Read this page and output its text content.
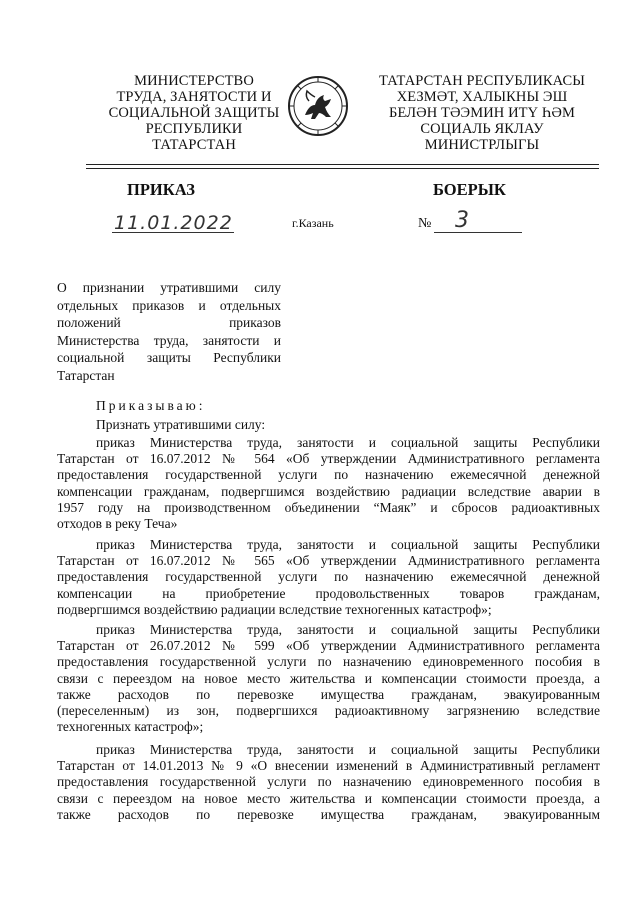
МИНИСТЕРСТВО
ТРУДА, ЗАНЯТОСТИ И
СОЦИАЛЬНОЙ ЗАЩИТЫ
РЕСПУБЛИКИ
ТАТАРСТАН
ТАТАРСТАН РЕСПУБЛИКАСЫ
ХЕЗМӘТ, ХАЛЫКНЫ ЭШ
БЕЛӘН ТӘЭМИН ИТҮ ҺӘМ
СОЦИАЛЬ ЯКЛАУ
МИНИСТРЛЫГЫ
ПРИКАЗ	БОЕРЫК
11.01.2022	г.Казань	№ 3
О признании утратившими силу
отдельных приказов и отдельных
положений приказов
Министерства труда, занятости и
социальной защиты Республики
Татарстан
Приказываю:
Признать утратившими силу:
приказ Министерства труда, занятости и социальной защиты Республики
Татарстан от 16.07.2012 № 564 «Об утверждении Административного регламента
предоставления государственной услуги по назначению ежемесячной денежной
компенсации гражданам, подвергшимся воздействию радиации вследствие аварии в
1957 году на производственном объединении “Маяк” и сбросов радиоактивных
отходов в реку Теча»
приказ Министерства труда, занятости и социальной защиты Республики
Татарстан от 16.07.2012 № 565 «Об утверждении Административного регламента
предоставления государственной услуги по назначению ежемесячной денежной
компенсации на приобретение продовольственных товаров гражданам,
подвергшимся воздействию радиации вследствие техногенных катастроф»;
приказ Министерства труда, занятости и социальной защиты Республики
Татарстан от 26.07.2012 № 599 «Об утверждении Административного регламента
предоставления государственной услуги по назначению единовременного пособия в
связи с переездом на новое место жительства и компенсации стоимости проезда, а
также расходов по перевозке имущества гражданам, эвакуированным
(переселенным) из зон, подвергшихся радиоактивному загрязнению вследствие
техногенных катастроф»;
приказ Министерства труда, занятости и социальной защиты Республики
Татарстан от 14.01.2013 № 9 «О внесении изменений в Административный регламент
предоставления государственной услуги по назначению единовременного пособия в
связи с переездом на новое место жительства и компенсации стоимости проезда, а
также расходов по перевозке имущества гражданам, эвакуированным
